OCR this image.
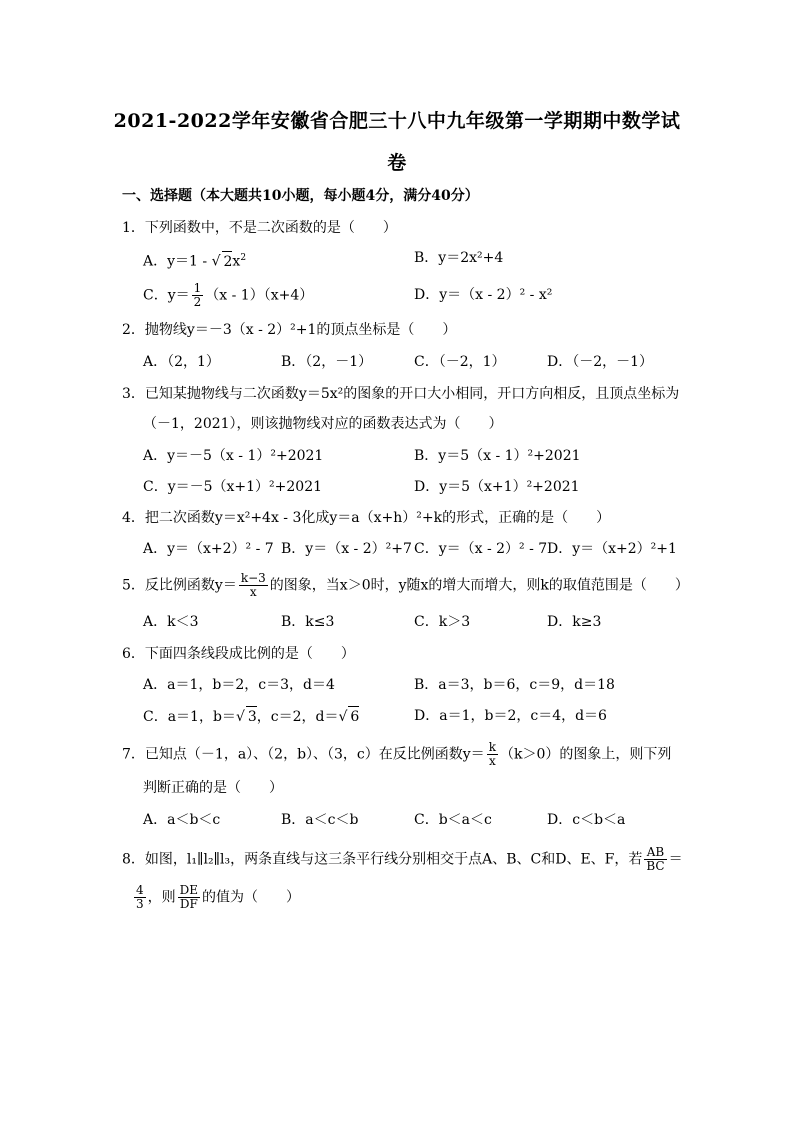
2021-2022学年安徽省合肥三十八中九年级第一学期期中数学试
卷
一、选择题（本大题共10小题，每小题4分，满分40分）
1．下列函数中，不是二次函数的是（　　）
A．y＝1 - √ $2x^2$	B．y＝2x²+4
C．$y= \frac{1}{2} (x - 1)(x+4)$	D．y＝（x - 2）² - x²
2．抛物线y＝－3（x - 2）²+1的顶点坐标是（　　）
A．（2，1）	B．（2，－1）	C．（－2，1）	D．（－2，－1）
3．已知某抛物线与二次函数y＝5x²的图象的开口大小相同，开口方向相反，且顶点坐标为
（－1，2021），则该抛物线对应的函数表达式为（　　）
A．y＝－5（x - 1）²+2021	B．y＝5（x - 1）²+2021
C．y＝－5（x+1）²+2021	D．y＝5（x+1）²+2021
4．把二次函数y＝x²+4x - 3化成y＝a（x+h）²+k的形式，正确的是（　　）
A．y＝（x+2）² - 7 B．y＝（x - 2）²+7 C．y＝（x - 2）² - 7 D．y＝（x+2）²+1
5．反比例函数$y= \frac{k-3}{x}$ 的图象，当x＞0时，y随x的增大而增大，则k的取值范围是（　　）
A．k＜3	B．k≤3	C．k＞3	D．k≥3
6．下面四条线段成比例的是（　　）
A．a＝1，b＝2，c＝3，d＝4	B．a＝3，b＝6，c＝9，d＝18
C．a＝1，b＝√ 3，c＝2，d＝√ 6	D．a＝1，b＝2，c＝4，d＝6
7．已知点（－1，a）、（2，b）、（3，c）在反比例函数$y= \frac{k}{x} (k>0)$的图象上，则下列
判断正确的是（　　）
A．a＜b＜c	B．a＜c＜b	C．b＜a＜c	D．c＜b＜a
8．如图，l₁∥l₂∥l₃，两条直线与这三条平行线分别相交于点A、B、C和D、E、F，若 $\frac{AB}{BC}$ ＝
$\frac{4}{3}$ ，则 $\frac{DE}{DF}$ 的值为（　　）
